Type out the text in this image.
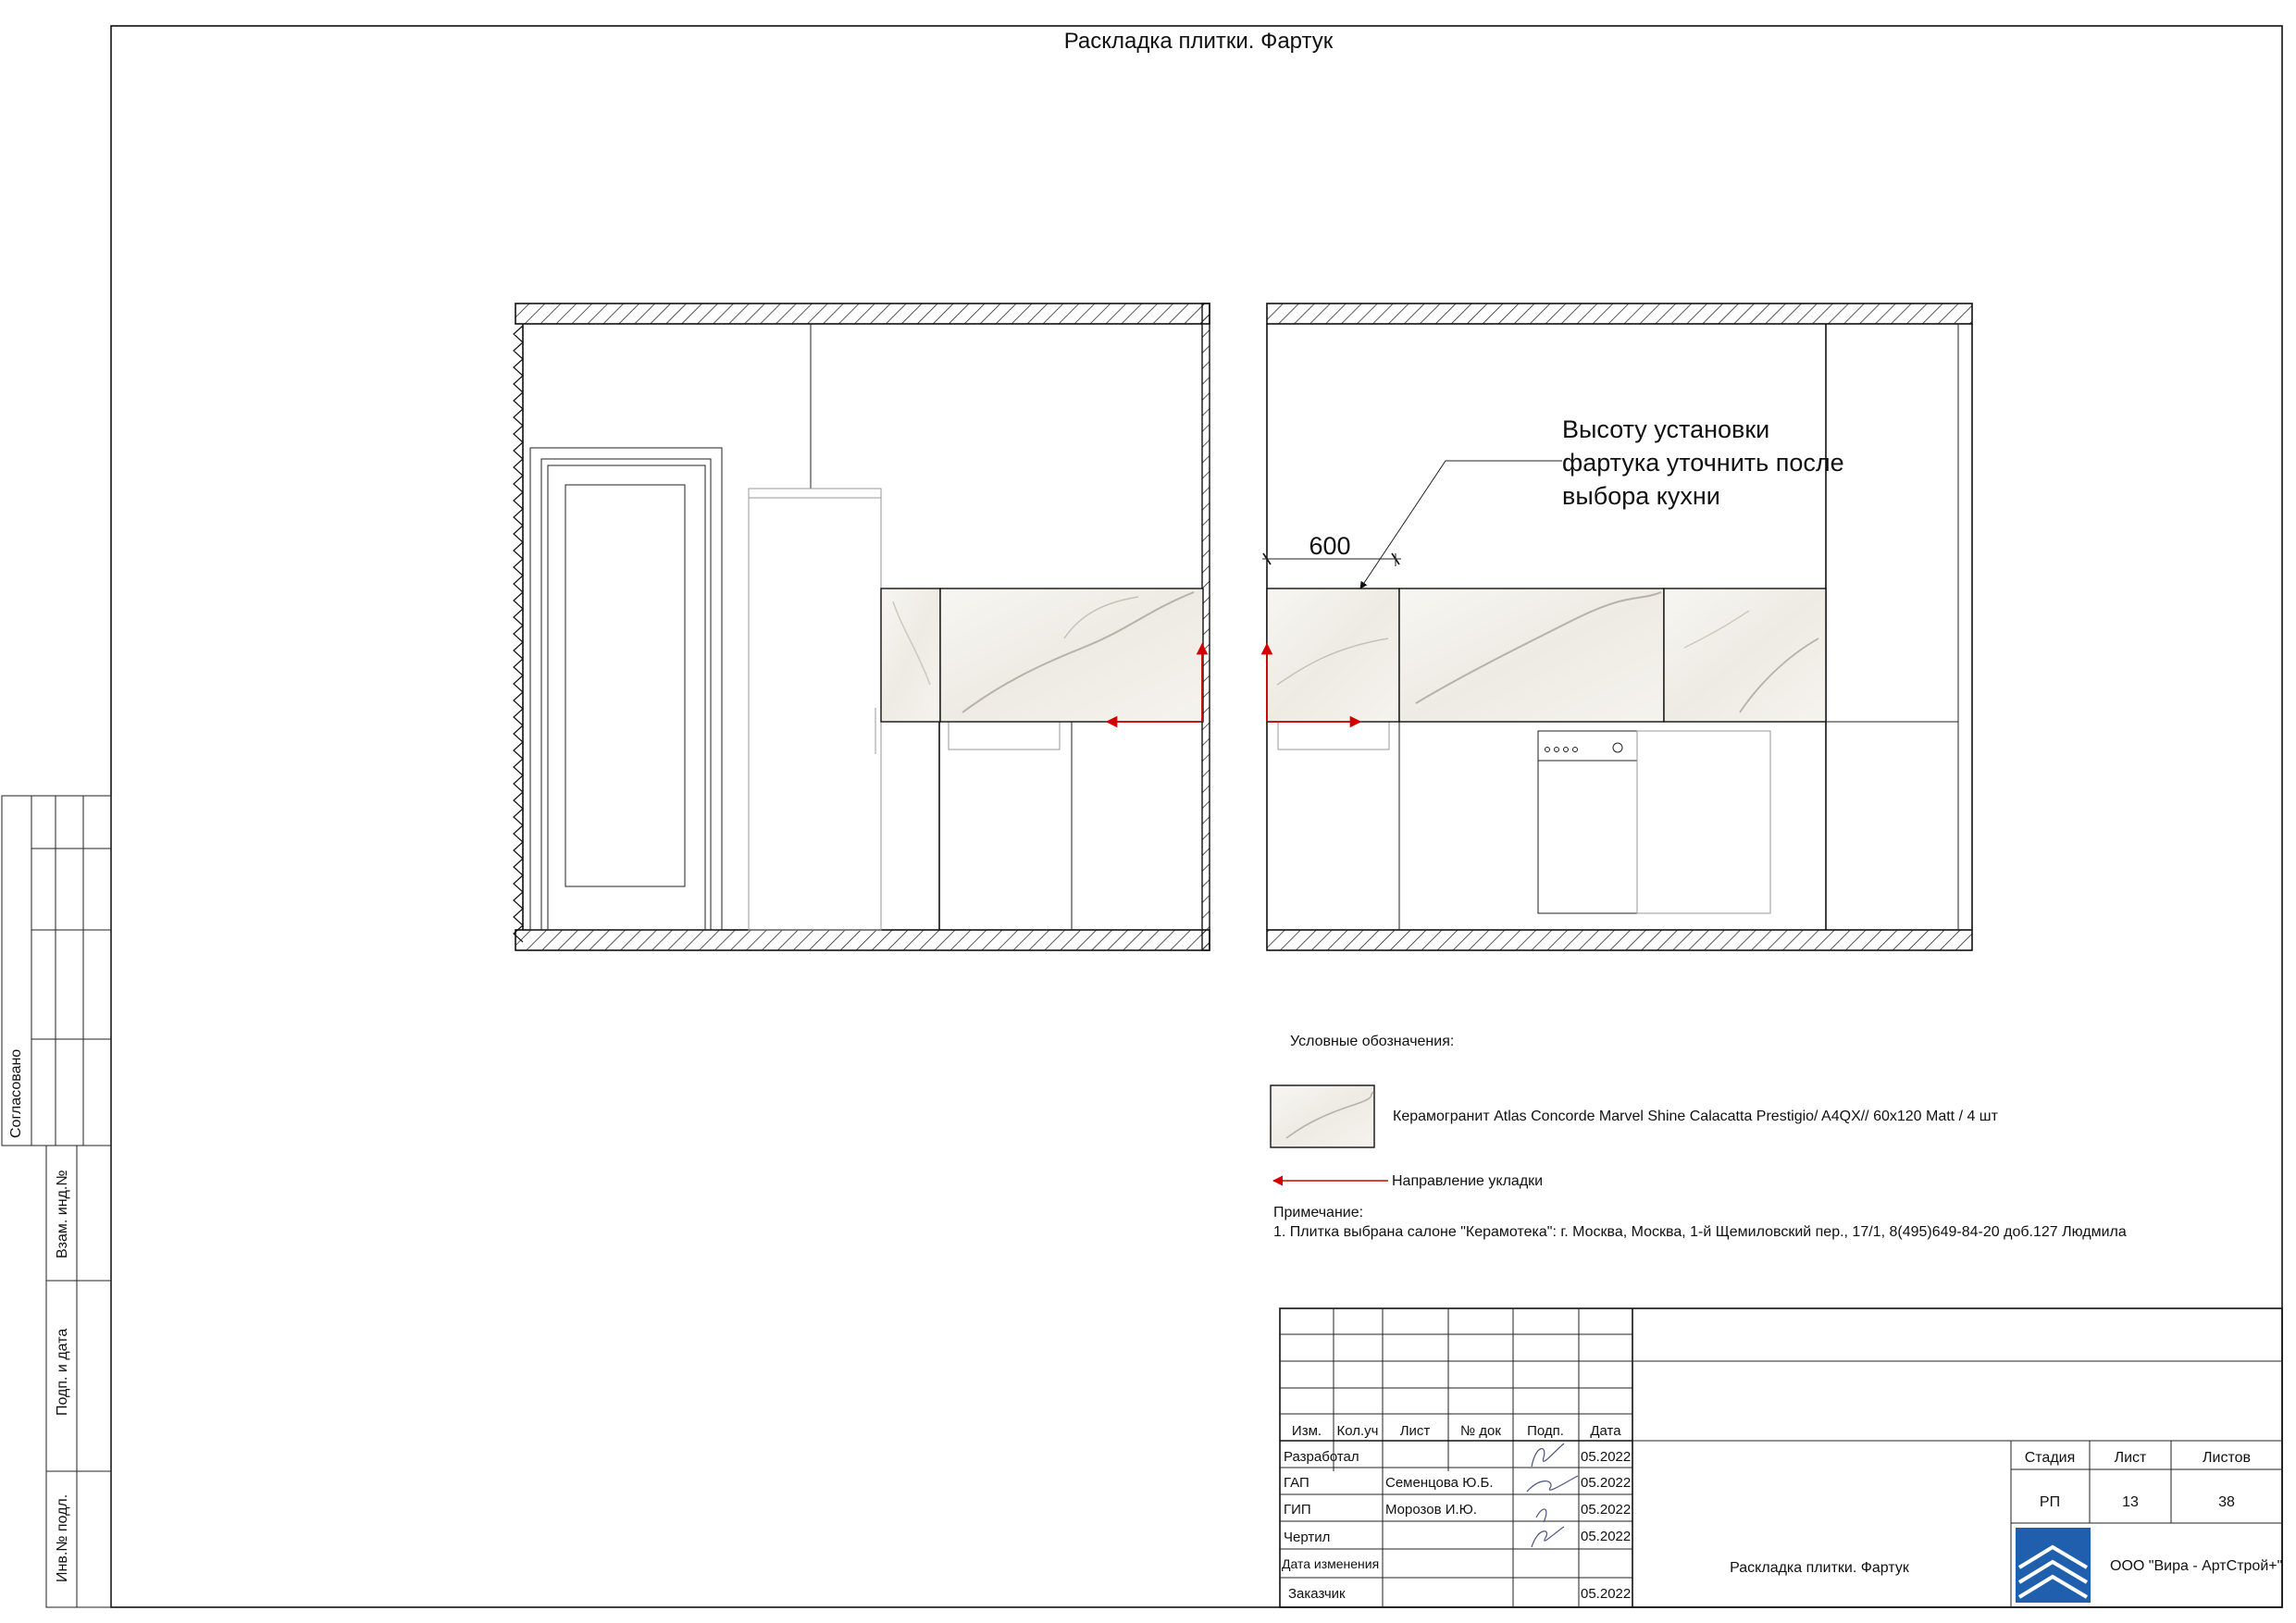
Раскладка плитки. Фартук
600
Высоту установки
фартука уточнить после
выбора кухни
Условные обозначения:
Керамогранит Atlas Concorde Marvel Shine Calacatta Prestigio/ A4QX// 60x120 Matt / 4 шт
Направление укладки
Примечание:
1. Плитка выбрана салоне "Керамотека": г. Москва, Москва, 1-й Щемиловский пер., 17/1, 8(495)649-84-20 доб.127 Людмила
Согласовано
Взам. инд.№
Подп. и дата
Инв.№ подл.
Изм. Кол.уч Лист № док Подп. Дата
Разработал	05.2022
ГАП	Семенцова Ю.Б.	05.2022
ГИП	Морозов И.Ю.	05.2022
Чертил	05.2022
Дата изменения
Заказчик	05.2022
Раскладка плитки. Фартук
Стадия	Лист	Листов
РП	13	38
ООО "Вира - АртСтрой+"
